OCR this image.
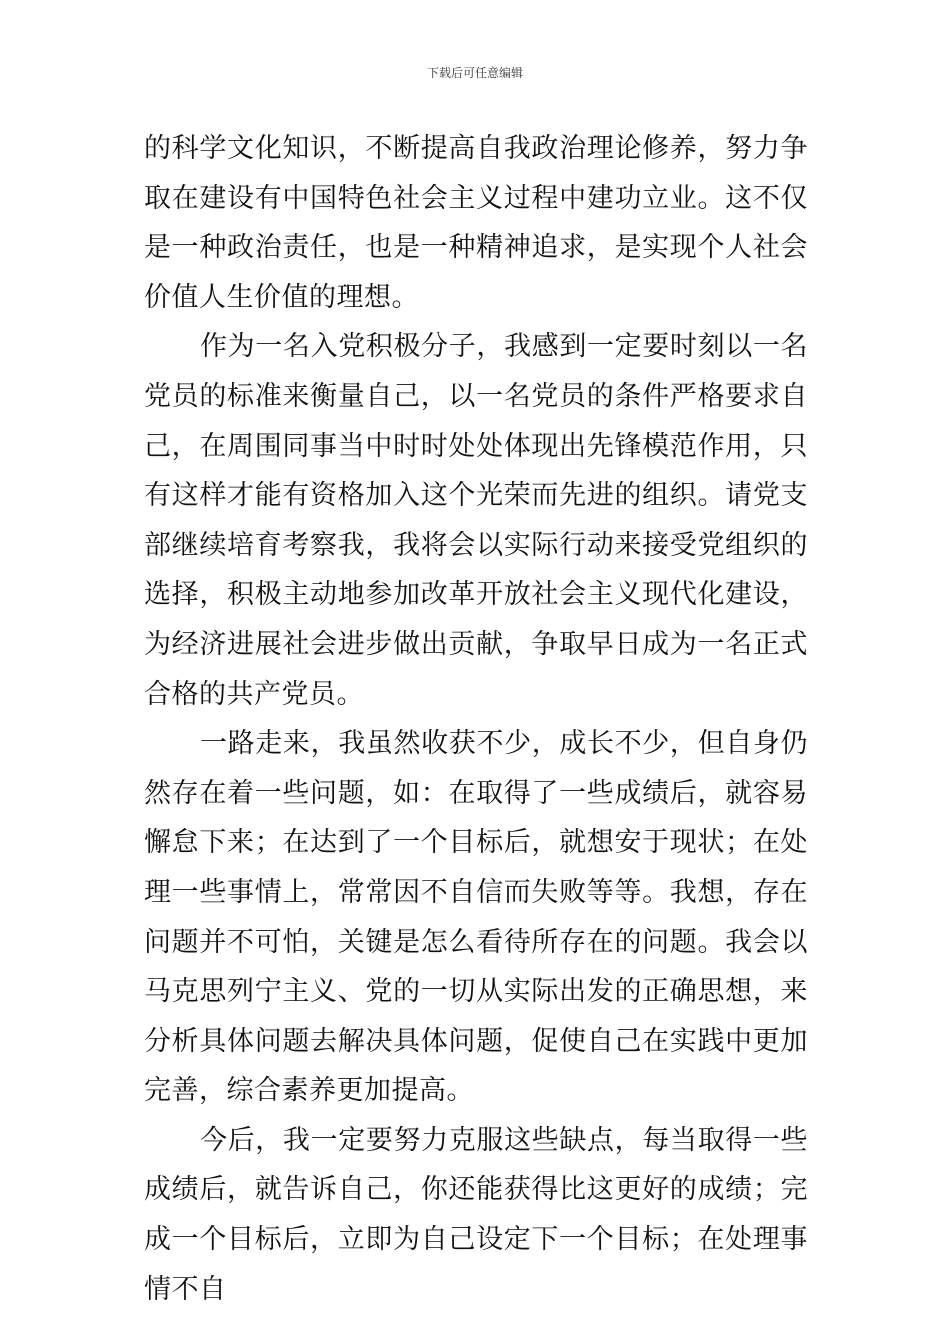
下载后可任意编辑

的科学文化知识，不断提高自我政治理论修养，努力争取在建设有中国特色社会主义过程中建功立业。这不仅是一种政治责任，也是一种精神追求，是实现个人社会价值人生价值的理想。

作为一名入党积极分子，我感到一定要时刻以一名党员的标准来衡量自己，以一名党员的条件严格要求自己，在周围同事当中时时处处体现出先锋模范作用，只有这样才能有资格加入这个光荣而先进的组织。请党支部继续培育考察我，我将会以实际行动来接受党组织的选择，积极主动地参加改革开放社会主义现代化建设，为经济进展社会进步做出贡献，争取早日成为一名正式合格的共产党员。

一路走来，我虽然收获不少，成长不少，但自身仍然存在着一些问题，如：在取得了一些成绩后，就容易懈怠下来；在达到了一个目标后，就想安于现状；在处理一些事情上，常常因不自信而失败等等。我想，存在问题并不可怕，关键是怎么看待所存在的问题。我会以马克思列宁主义、党的一切从实际出发的正确思想，来分析具体问题去解决具体问题，促使自己在实践中更加完善，综合素养更加提高。

今后，我一定要努力克服这些缺点，每当取得一些成绩后，就告诉自己，你还能获得比这更好的成绩；完成一个目标后，立即为自己设定下一个目标；在处理事情不自
